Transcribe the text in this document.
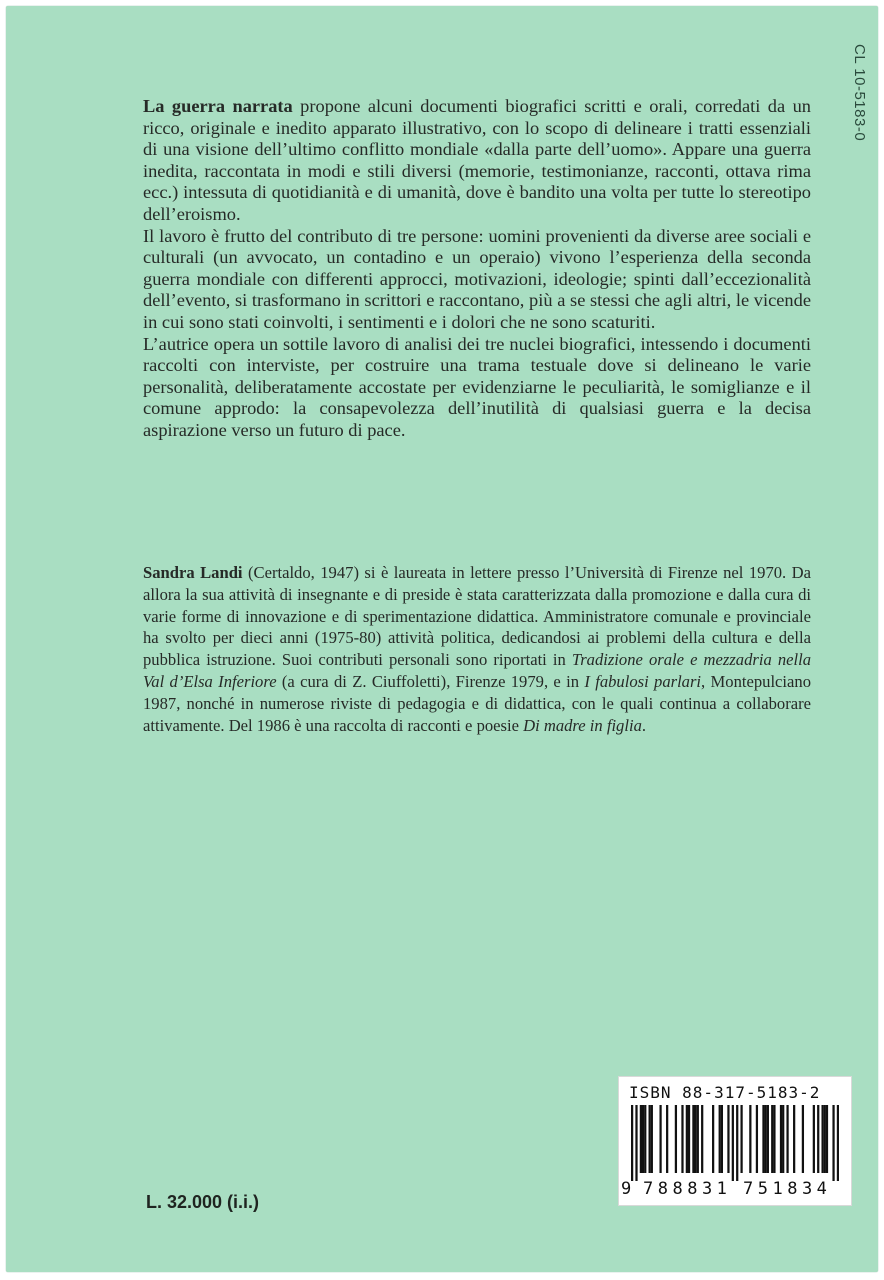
CL 10-5183-0

La guerra narrata propone alcuni documenti biografici scritti e orali, corredati da un ricco, originale e inedito apparato illustrativo, con lo scopo di delineare i tratti essenziali di una visione dell’ultimo conflitto mondiale «dalla parte dell’uomo». Appare una guerra inedita, raccontata in modi e stili diversi (memorie, testimonianze, racconti, ottava rima ecc.) intessuta di quotidianità e di umanità, dove è bandito una volta per tutte lo stereotipo dell’eroismo.

Il lavoro è frutto del contributo di tre persone: uomini provenienti da diverse aree sociali e culturali (un avvocato, un contadino e un operaio) vivono l’esperienza della seconda guerra mondiale con differenti approcci, motivazioni, ideologie; spinti dall’eccezionalità dell’evento, si trasformano in scrittori e raccontano, più a se stessi che agli altri, le vicende in cui sono stati coinvolti, i sentimenti e i dolori che ne sono scaturiti.

L’autrice opera un sottile lavoro di analisi dei tre nuclei biografici, intessendo i documenti raccolti con interviste, per costruire una trama testuale dove si delineano le varie personalità, deliberatamente accostate per evidenziarne le peculiarità, le somiglianze e il comune approdo: la consapevolezza dell’inutilità di qualsiasi guerra e la decisa aspirazione verso un futuro di pace.

Sandra Landi (Certaldo, 1947) si è laureata in lettere presso l’Università di Firenze nel 1970. Da allora la sua attività di insegnante e di preside è stata caratterizzata dalla promozione e dalla cura di varie forme di innovazione e di sperimentazione didattica. Amministratore comunale e provinciale ha svolto per dieci anni (1975-80) attività politica, dedicandosi ai problemi della cultura e della pubblica istruzione. Suoi contributi personali sono riportati in Tradizione orale e mezzadria nella Val d’Elsa Inferiore (a cura di Z. Ciuffoletti), Firenze 1979, e in I fabulosi parlari, Montepulciano 1987, nonché in numerose riviste di pedagogia e di didattica, con le quali continua a collaborare attivamente. Del 1986 è una raccolta di racconti e poesie Di madre in figlia.

L. 32.000 (i.i.)
ISBN 88-317-5183-2
9 788831 751834
